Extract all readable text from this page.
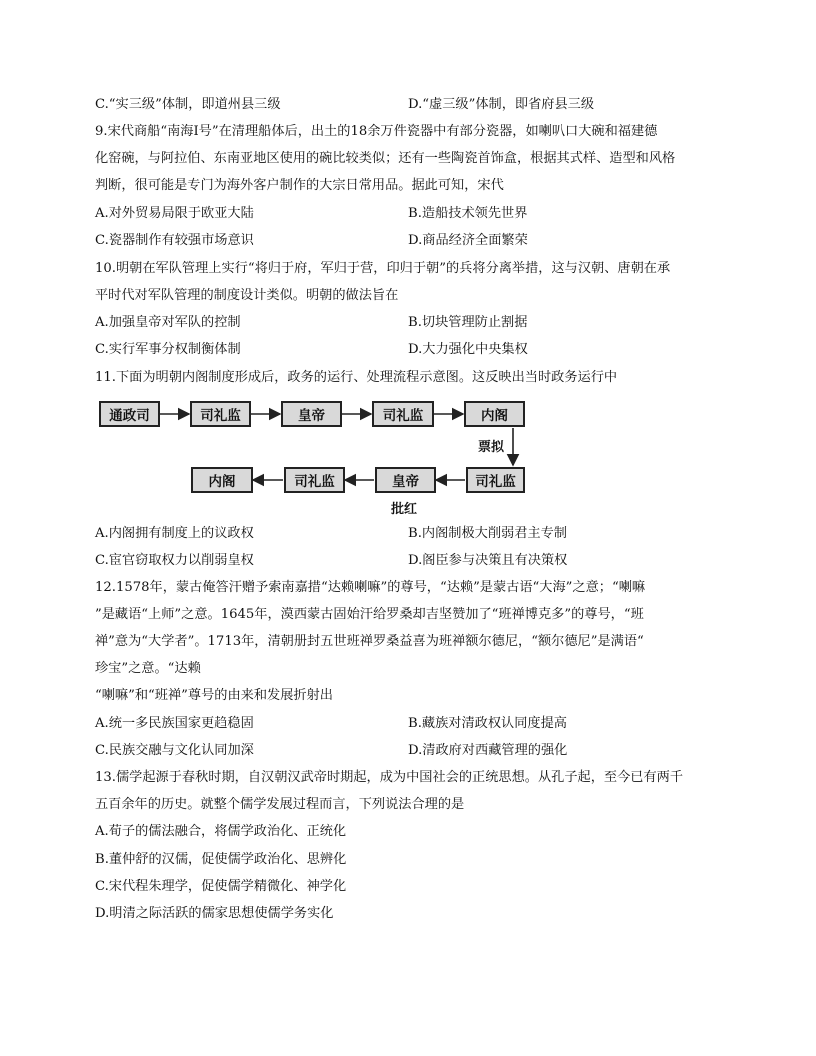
C.“实三级”体制，即道州县三级	D.“虚三级”体制，即省府县三级
9.宋代商船“南海Ⅰ号”在清理船体后，出土的18余万件瓷器中有部分瓷器，如喇叭口大碗和福建德
化窑碗，与阿拉伯、东南亚地区使用的碗比较类似；还有一些陶瓷首饰盒，根据其式样、造型和风格
判断，很可能是专门为海外客户制作的大宗日常用品。据此可知，宋代
A.对外贸易局限于欧亚大陆	B.造船技术领先世界
C.瓷器制作有较强市场意识	D.商品经济全面繁荣
10.明朝在军队管理上实行“将归于府，军归于营，印归于朝”的兵将分离举措，这与汉朝、唐朝在承
平时代对军队管理的制度设计类似。明朝的做法旨在
A.加强皇帝对军队的控制	B.切块管理防止割据
C.实行军事分权制衡体制	D.大力强化中央集权
11.下面为明朝内阁制度形成后，政务的运行、处理流程示意图。这反映出当时政务运行中
通政司	司礼监	皇帝	司礼监	内阁
票拟
司礼监
皇帝
司礼监
内阁
批红
A.内阁拥有制度上的议政权	B.内阁制极大削弱君主专制
C.宦官窃取权力以削弱皇权	D.阁臣参与决策且有决策权
12.1578年，蒙古俺答汗赠予索南嘉措“达赖喇嘛”的尊号，“达赖”是蒙古语“大海”之意；“喇嘛
”是藏语“上师”之意。1645年，漠西蒙古固始汗给罗桑却吉坚赞加了“班禅博克多”的尊号，“班
禅”意为“大学者”。1713年，清朝册封五世班禅罗桑益喜为班禅额尔德尼，“额尔德尼”是满语“
珍宝”之意。“达赖
“喇嘛”和“班禅”尊号的由来和发展折射出
A.统一多民族国家更趋稳固	B.藏族对清政权认同度提高
C.民族交融与文化认同加深	D.清政府对西藏管理的强化
13.儒学起源于春秋时期，自汉朝汉武帝时期起，成为中国社会的正统思想。从孔子起，至今已有两千
五百余年的历史。就整个儒学发展过程而言，下列说法合理的是
A.荀子的儒法融合，将儒学政治化、正统化
B.董仲舒的汉儒，促使儒学政治化、思辨化
C.宋代程朱理学，促使儒学精微化、神学化
D.明清之际活跃的儒家思想使儒学务实化
